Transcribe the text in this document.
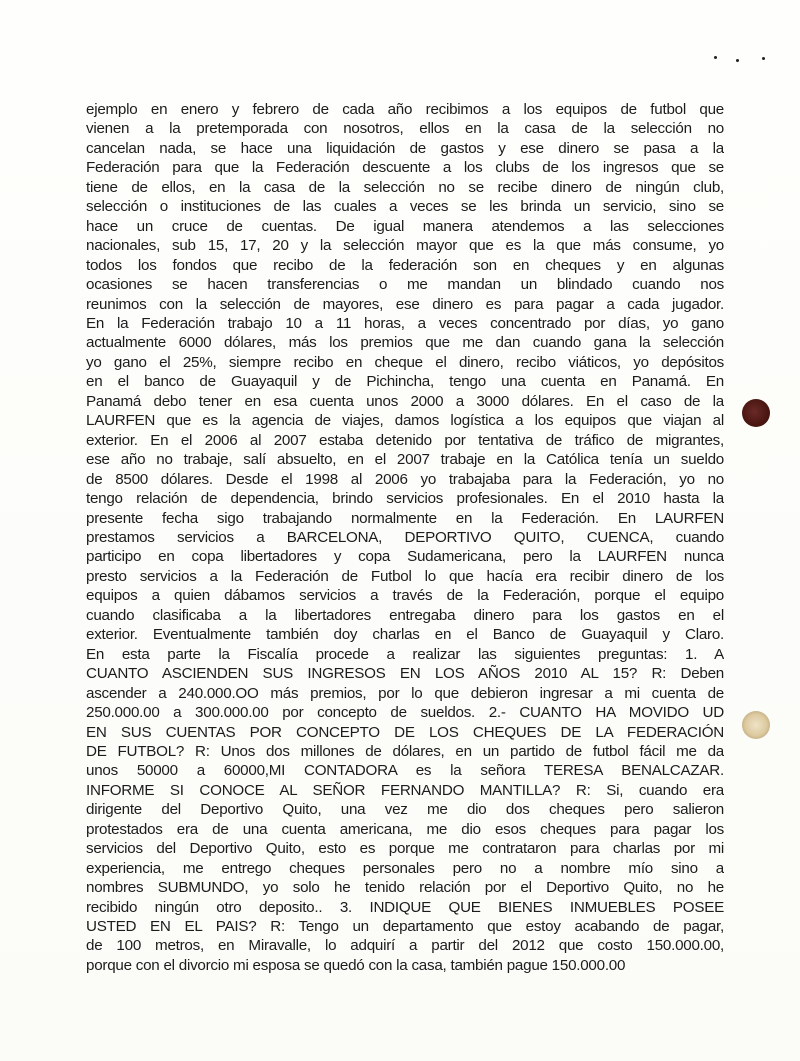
ejemplo en enero y febrero de cada año recibimos a los equipos de futbol que
vienen a la pretemporada con nosotros, ellos en la casa de la selección no
cancelan nada, se hace una liquidación de gastos y ese dinero se pasa a la
Federación para que la Federación descuente a los clubs de los ingresos que se
tiene de ellos, en la casa de la selección no se recibe dinero de ningún club,
selección o instituciones de las cuales a veces se les brinda un servicio, sino se
hace un cruce de cuentas. De igual manera atendemos a las selecciones
nacionales, sub 15, 17, 20 y la selección mayor que es la que más consume, yo
todos los fondos que recibo de la federación son en cheques y en algunas
ocasiones se hacen transferencias o me mandan un blindado cuando nos
reunimos con la selección de mayores, ese dinero es para pagar a cada jugador.
En la Federación trabajo 10 a 11 horas, a veces concentrado por días, yo gano
actualmente 6000 dólares, más los premios que me dan cuando gana la selección
yo gano el 25%, siempre recibo en cheque el dinero, recibo viáticos, yo depósitos
en el banco de Guayaquil y de Pichincha, tengo una cuenta en Panamá. En
Panamá debo tener en esa cuenta unos 2000 a 3000 dólares. En el caso de la
LAURFEN que es la agencia de viajes, damos logística a los equipos que viajan al
exterior. En el 2006 al 2007 estaba detenido por tentativa de tráfico de migrantes,
ese año no trabaje, salí absuelto, en el 2007 trabaje en la Católica tenía un sueldo
de 8500 dólares. Desde el 1998 al 2006 yo trabajaba para la Federación, yo no
tengo relación de dependencia, brindo servicios profesionales. En el 2010 hasta la
presente fecha sigo trabajando normalmente en la Federación. En LAURFEN
prestamos servicios a BARCELONA, DEPORTIVO QUITO, CUENCA, cuando
participo en copa libertadores y copa Sudamericana, pero la LAURFEN nunca
presto servicios a la Federación de Futbol lo que hacía era recibir dinero de los
equipos a quien dábamos servicios a través de la Federación, porque el equipo
cuando clasificaba a la libertadores entregaba dinero para los gastos en el
exterior. Eventualmente también doy charlas en el Banco de Guayaquil y Claro.
En esta parte la Fiscalía procede a realizar las siguientes preguntas: 1. A
CUANTO ASCIENDEN SUS INGRESOS EN LOS AÑOS 2010 AL 15? R: Deben
ascender a 240.000.OO más premios, por lo que debieron ingresar a mi cuenta de
250.000.00 a 300.000.00 por concepto de sueldos. 2.- CUANTO HA MOVIDO UD
EN SUS CUENTAS POR CONCEPTO DE LOS CHEQUES DE LA FEDERACIÓN
DE FUTBOL? R: Unos dos millones de dólares, en un partido de futbol fácil me da
unos 50000 a 60000,MI CONTADORA es la señora TERESA BENALCAZAR.
INFORME SI CONOCE AL SEÑOR FERNANDO MANTILLA? R: Si, cuando era
dirigente del Deportivo Quito, una vez me dio dos cheques pero salieron
protestados era de una cuenta americana, me dio esos cheques para pagar los
servicios del Deportivo Quito, esto es porque me contrataron para charlas por mi
experiencia, me entrego cheques personales pero no a nombre mío sino a
nombres SUBMUNDO, yo solo he tenido relación por el Deportivo Quito, no he
recibido ningún otro deposito.. 3. INDIQUE QUE BIENES INMUEBLES POSEE
USTED EN EL PAIS? R: Tengo un departamento que estoy acabando de pagar,
de 100 metros, en Miravalle, lo adquirí a partir del 2012 que costo 150.000.00,
porque con el divorcio mi esposa se quedó con la casa, también pague 150.000.00
